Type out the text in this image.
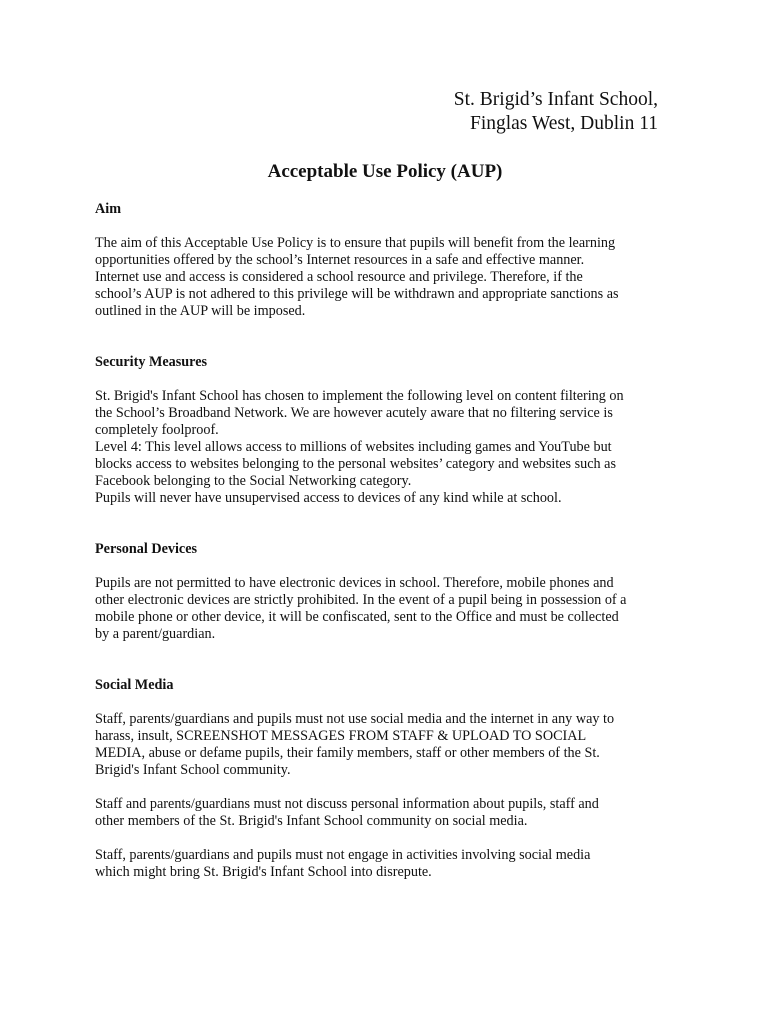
St. Brigid’s Infant School,
Finglas West, Dublin 11
Acceptable Use Policy (AUP)

Aim

The aim of this Acceptable Use Policy is to ensure that pupils will benefit from the learning
opportunities offered by the school’s Internet resources in a safe and effective manner.
Internet use and access is considered a school resource and privilege. Therefore, if the
school’s AUP is not adhered to this privilege will be withdrawn and appropriate sanctions as
outlined in the AUP will be imposed.

Security Measures

St. Brigid's Infant School has chosen to implement the following level on content filtering on
the School’s Broadband Network. We are however acutely aware that no filtering service is
completely foolproof.
Level 4: This level allows access to millions of websites including games and YouTube but
blocks access to websites belonging to the personal websites’ category and websites such as
Facebook belonging to the Social Networking category.
Pupils will never have unsupervised access to devices of any kind while at school.

Personal Devices

Pupils are not permitted to have electronic devices in school. Therefore, mobile phones and
other electronic devices are strictly prohibited. In the event of a pupil being in possession of a
mobile phone or other device, it will be confiscated, sent to the Office and must be collected
by a parent/guardian.

Social Media

Staff, parents/guardians and pupils must not use social media and the internet in any way to
harass, insult, SCREENSHOT MESSAGES FROM STAFF & UPLOAD TO SOCIAL
MEDIA, abuse or defame pupils, their family members, staff or other members of the St.
Brigid's Infant School community.

Staff and parents/guardians must not discuss personal information about pupils, staff and
other members of the St. Brigid's Infant School community on social media.

Staff, parents/guardians and pupils must not engage in activities involving social media
which might bring St. Brigid's Infant School into disrepute.
